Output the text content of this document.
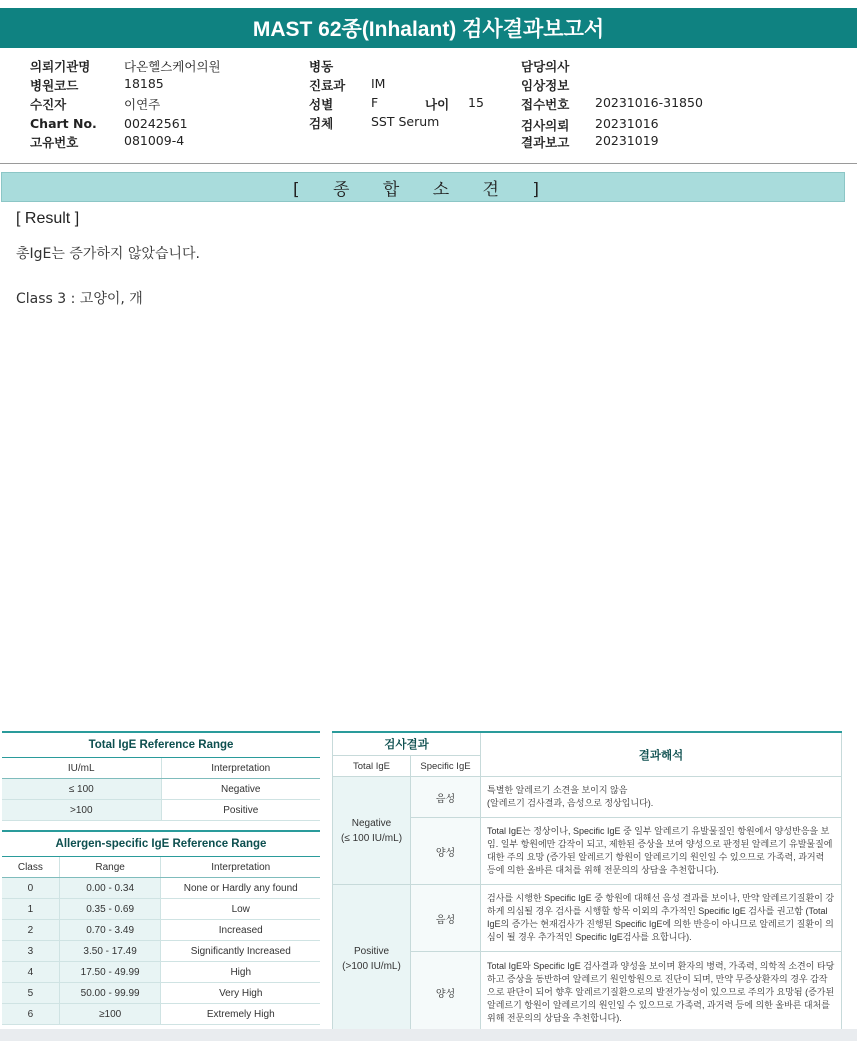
MAST 62종(Inhalant) 검사결과보고서
의뢰기관명	다온헬스케어의원
병원코드	18185
수진자	이연주
Chart No. 00242561
고유번호	081009-4
병동
진료과 IM
성별	F
검체	SST Serum
나이 15
담당의사
임상정보
접수번호 20231016-31850
검사의뢰 20231016
결과보고 20231019
[ 종 합 소 견 ]
[ Result ]
총IgE는 증가하지 않았습니다.
Class 3 : 고양이, 개
Total IgE Reference Range	
IU/mL	Interpretation
≤ 100	Negative
>100	Positive
Allergen-specific IgE Reference Range		
Class	Range	Interpretation
0	0.00 - 0.34	None or Hardly any found
1	0.35 - 0.69	Low
2	0.70 - 3.49	Increased
3	3.50 - 17.49	Significantly Increased
4	17.50 - 49.99	High
5	50.00 - 99.99	Very High
6	≥100	Extremely High
검사결과		결과해석
Total IgE	Specific IgE	
Negative
(≤ 100 IU/mL)	음성	특별한 알레르기 소견을 보이지 않음
(알레르기 검사결과, 음성으로 정상입니다).
	양성	Total IgE는 정상이나, Specific IgE 중 일부 알레르기 유발물질인 항원에서 양성반응을 보임. 일부 항원에만 감작이 되고, 제한된 증상을 보여 양성으로 판정된 알레르기 유발물질에 대한 주의 요망 (증가된 알레르기 항원이 알레르기의 원인일 수 있으므로 가족력, 과거력 등에 의한 올바른 대처를 위해 전문의의 상담을 추천합니다).
Positive
(>100 IU/mL)	음성	검사를 시행한 Specific IgE 중 항원에 대해선 음성 결과를 보이나, 만약 알레르기질환이 강하게 의심될 경우 검사를 시행할 항목 이외의 추가적인 Specific IgE 검사를 권고함 (Total IgE의 증가는 현재검사가 진행된 Specific IgE에 의한 반응이 아니므로 알레르기 질환이 의심이 될 경우 추가적인 Specific IgE검사를 요합니다).
	양성	Total IgE와 Specific IgE 검사결과 양성을 보이며 환자의 병력, 가족력, 의학적 소견이 타당하고 증상을 동반하여 알레르기 원인항원으로 진단이 되며, 만약 무증상환자의 경우 감작으로 판단이 되어 향후 알레르기질환으로의 발전가능성이 있으므로 주의가 요망됨 (증가된 알레르기 항원이 알레르기의 원인일 수 있으므로 가족력, 과거력 등에 의한 올바른 대처를 위해 전문의의 상담을 추천합니다).
